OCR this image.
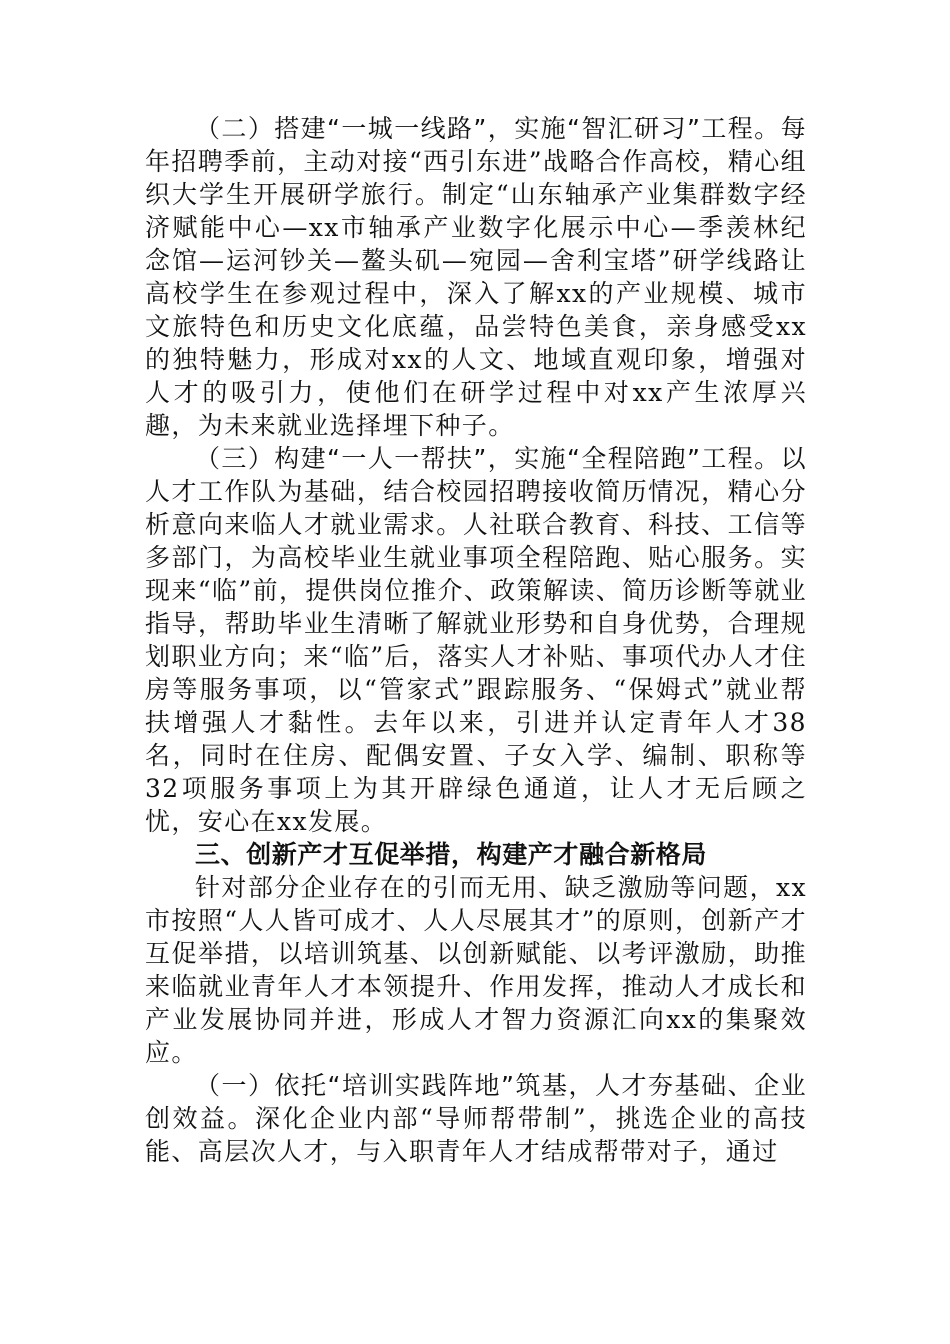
（二）搭建“一城一线路”，实施“智汇研习”工程。每年招聘季前，主动对接“西引东进”战略合作高校，精心组织大学生开展研学旅行。制定“山东轴承产业集群数字经济赋能中心—xx市轴承产业数字化展示中心—季羡林纪念馆—运河钞关—鳌头矶—宛园—舍利宝塔”研学线路让高校学生在参观过程中，深入了解xx的产业规模、城市文旅特色和历史文化底蕴，品尝特色美食，亲身感受xx的独特魅力，形成对xx的人文、地域直观印象，增强对人才的吸引力，使他们在研学过程中对xx产生浓厚兴趣，为未来就业选择埋下种子。

（三）构建“一人一帮扶”，实施“全程陪跑”工程。以人才工作队为基础，结合校园招聘接收简历情况，精心分析意向来临人才就业需求。人社联合教育、科技、工信等多部门，为高校毕业生就业事项全程陪跑、贴心服务。实现来“临”前，提供岗位推介、政策解读、简历诊断等就业指导，帮助毕业生清晰了解就业形势和自身优势，合理规划职业方向；来“临”后，落实人才补贴、事项代办人才住房等服务事项，以“管家式”跟踪服务、“保姆式”就业帮扶增强人才黏性。去年以来，引进并认定青年人才38名，同时在住房、配偶安置、子女入学、编制、职称等32项服务事项上为其开辟绿色通道，让人才无后顾之忧，安心在xx发展。

三、创新产才互促举措，构建产才融合新格局

针对部分企业存在的引而无用、缺乏激励等问题，xx市按照“人人皆可成才、人人尽展其才”的原则，创新产才互促举措，以培训筑基、以创新赋能、以考评激励，助推来临就业青年人才本领提升、作用发挥，推动人才成长和产业发展协同并进，形成人才智力资源汇向xx的集聚效应。

（一）依托“培训实践阵地”筑基，人才夯基础、企业创效益。深化企业内部“导师帮带制”，挑选企业的高技能、高层次人才，与入职青年人才结成帮带对子，通过
